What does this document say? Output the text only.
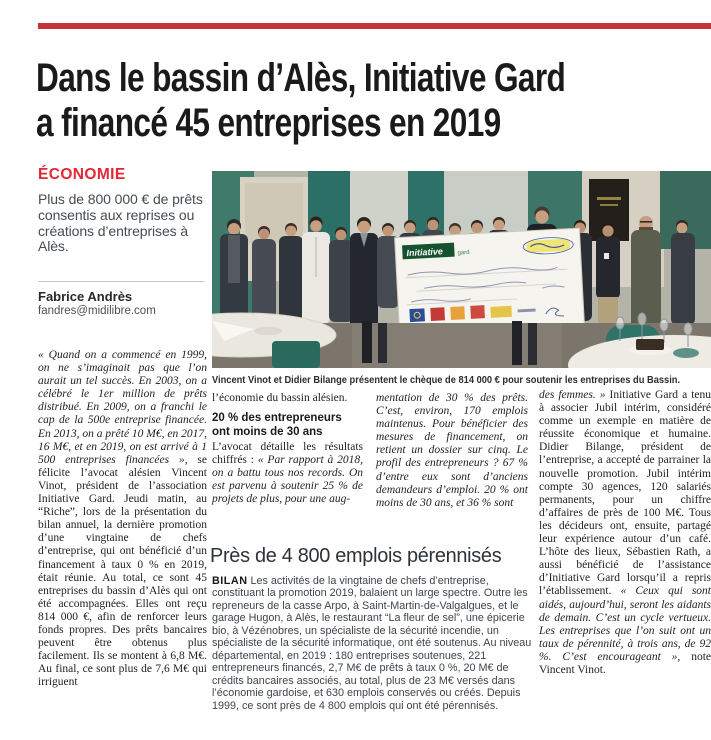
Dans le bassin d’Alès, Initiative Gard
a financé 45 entreprises en 2019
ÉCONOMIE
Plus de 800 000 € de prêts consentis aux reprises ou créations d’entreprises à Alès.
Fabrice Andrès
fandres@midilibre.com

« Quand on a commencé en 1999, on ne s’imaginait pas que l’on aurait un tel succès. En 2003, on a célébré le 1er million de prêts distribué. En 2009, on a franchi le cap de la 500e entreprise financée. En 2013, on a prêté 10 M€, en 2017, 16 M€, et en 2019, on est arrivé à 1 500 entreprises financées », se félicite l’avocat alésien Vincent Vinot, président de l’association Initiative Gard. Jeudi matin, au “Riche”, lors de la présentation du bilan annuel, la dernière promotion d’une vingtaine de chefs d’entreprise, qui ont bénéficié d’un financement à taux 0 % en 2019, était réunie. Au total, ce sont 45 entreprises du bassin d’Alès qui ont été accompagnées. Elles ont reçu 814 000 €, afin de renforcer leurs fonds propres. Des prêts bancaires peuvent être obtenus plus facilement. Ils se montent à 6,8 M€. Au final, ce sont plus de 7,6 M€ qui irriguent

Initiative gard
Vincent Vinot et Didier Bilange présentent le chèque de 814 000 € pour soutenir les entreprises du Bassin.

l’économie du bassin alésien.

20 % des entrepreneurs
ont moins de 30 ans

L’avocat détaille les résultats chiffrés : « Par rapport à 2018, on a battu tous nos records. On est parvenu à soutenir 25 % de projets de plus, pour une aug-

mentation de 30 % des prêts. C’est, environ, 170 emplois maintenus. Pour bénéficier des mesures de financement, on retient un dossier sur cinq. Le profil des entrepreneurs ? 67 % d’entre eux sont d’anciens demandeurs d’emploi. 20 % ont moins de 30 ans, et 36 % sont

des femmes. » Initiative Gard a tenu à associer Jubil intérim, considéré comme un exemple en matière de réussite économique et humaine. Didier Bilange, président de l’entreprise, a accepté de parrainer la nouvelle promotion. Jubil intérim compte 30 agences, 120 salariés permanents, pour un chiffre d’affaires de près de 100 M€. Tous les décideurs ont, ensuite, partagé leur expérience autour d’un café. L’hôte des lieux, Sébastien Rath, a aussi bénéficié de l’assistance d’Initiative Gard lorsqu’il a repris l’établissement. « Ceux qui sont aidés, aujourd’hui, seront les aidants de demain. C’est un cycle vertueux. Les entreprises que l’on suit ont un taux de pérennité, à trois ans, de 92 %. C’est encourageant », note Vincent Vinot.

Près de 4 800 emplois pérennisés
BILAN Les activités de la vingtaine de chefs d’entreprise, constituant la promotion 2019, balaient un large spectre. Outre les repreneurs de la casse Arpo, à Saint-Martin-de-Valgalgues, et le garage Hugon, à Alès, le restaurant “La fleur de sel”, une épicerie bio, à Vézénobres, un spécialiste de la sécurité incendie, un spécialiste de la sécurité informatique, ont été soutenus. Au niveau départemental, en 2019 : 180 entreprises soutenues, 221 entrepreneurs financés, 2,7 M€ de prêts à taux 0 %, 20 M€ de crédits bancaires associés, au total, plus de 23 M€ versés dans l’économie gardoise, et 630 emplois conservés ou créés. Depuis 1999, ce sont près de 4 800 emplois qui ont été pérennisés.
